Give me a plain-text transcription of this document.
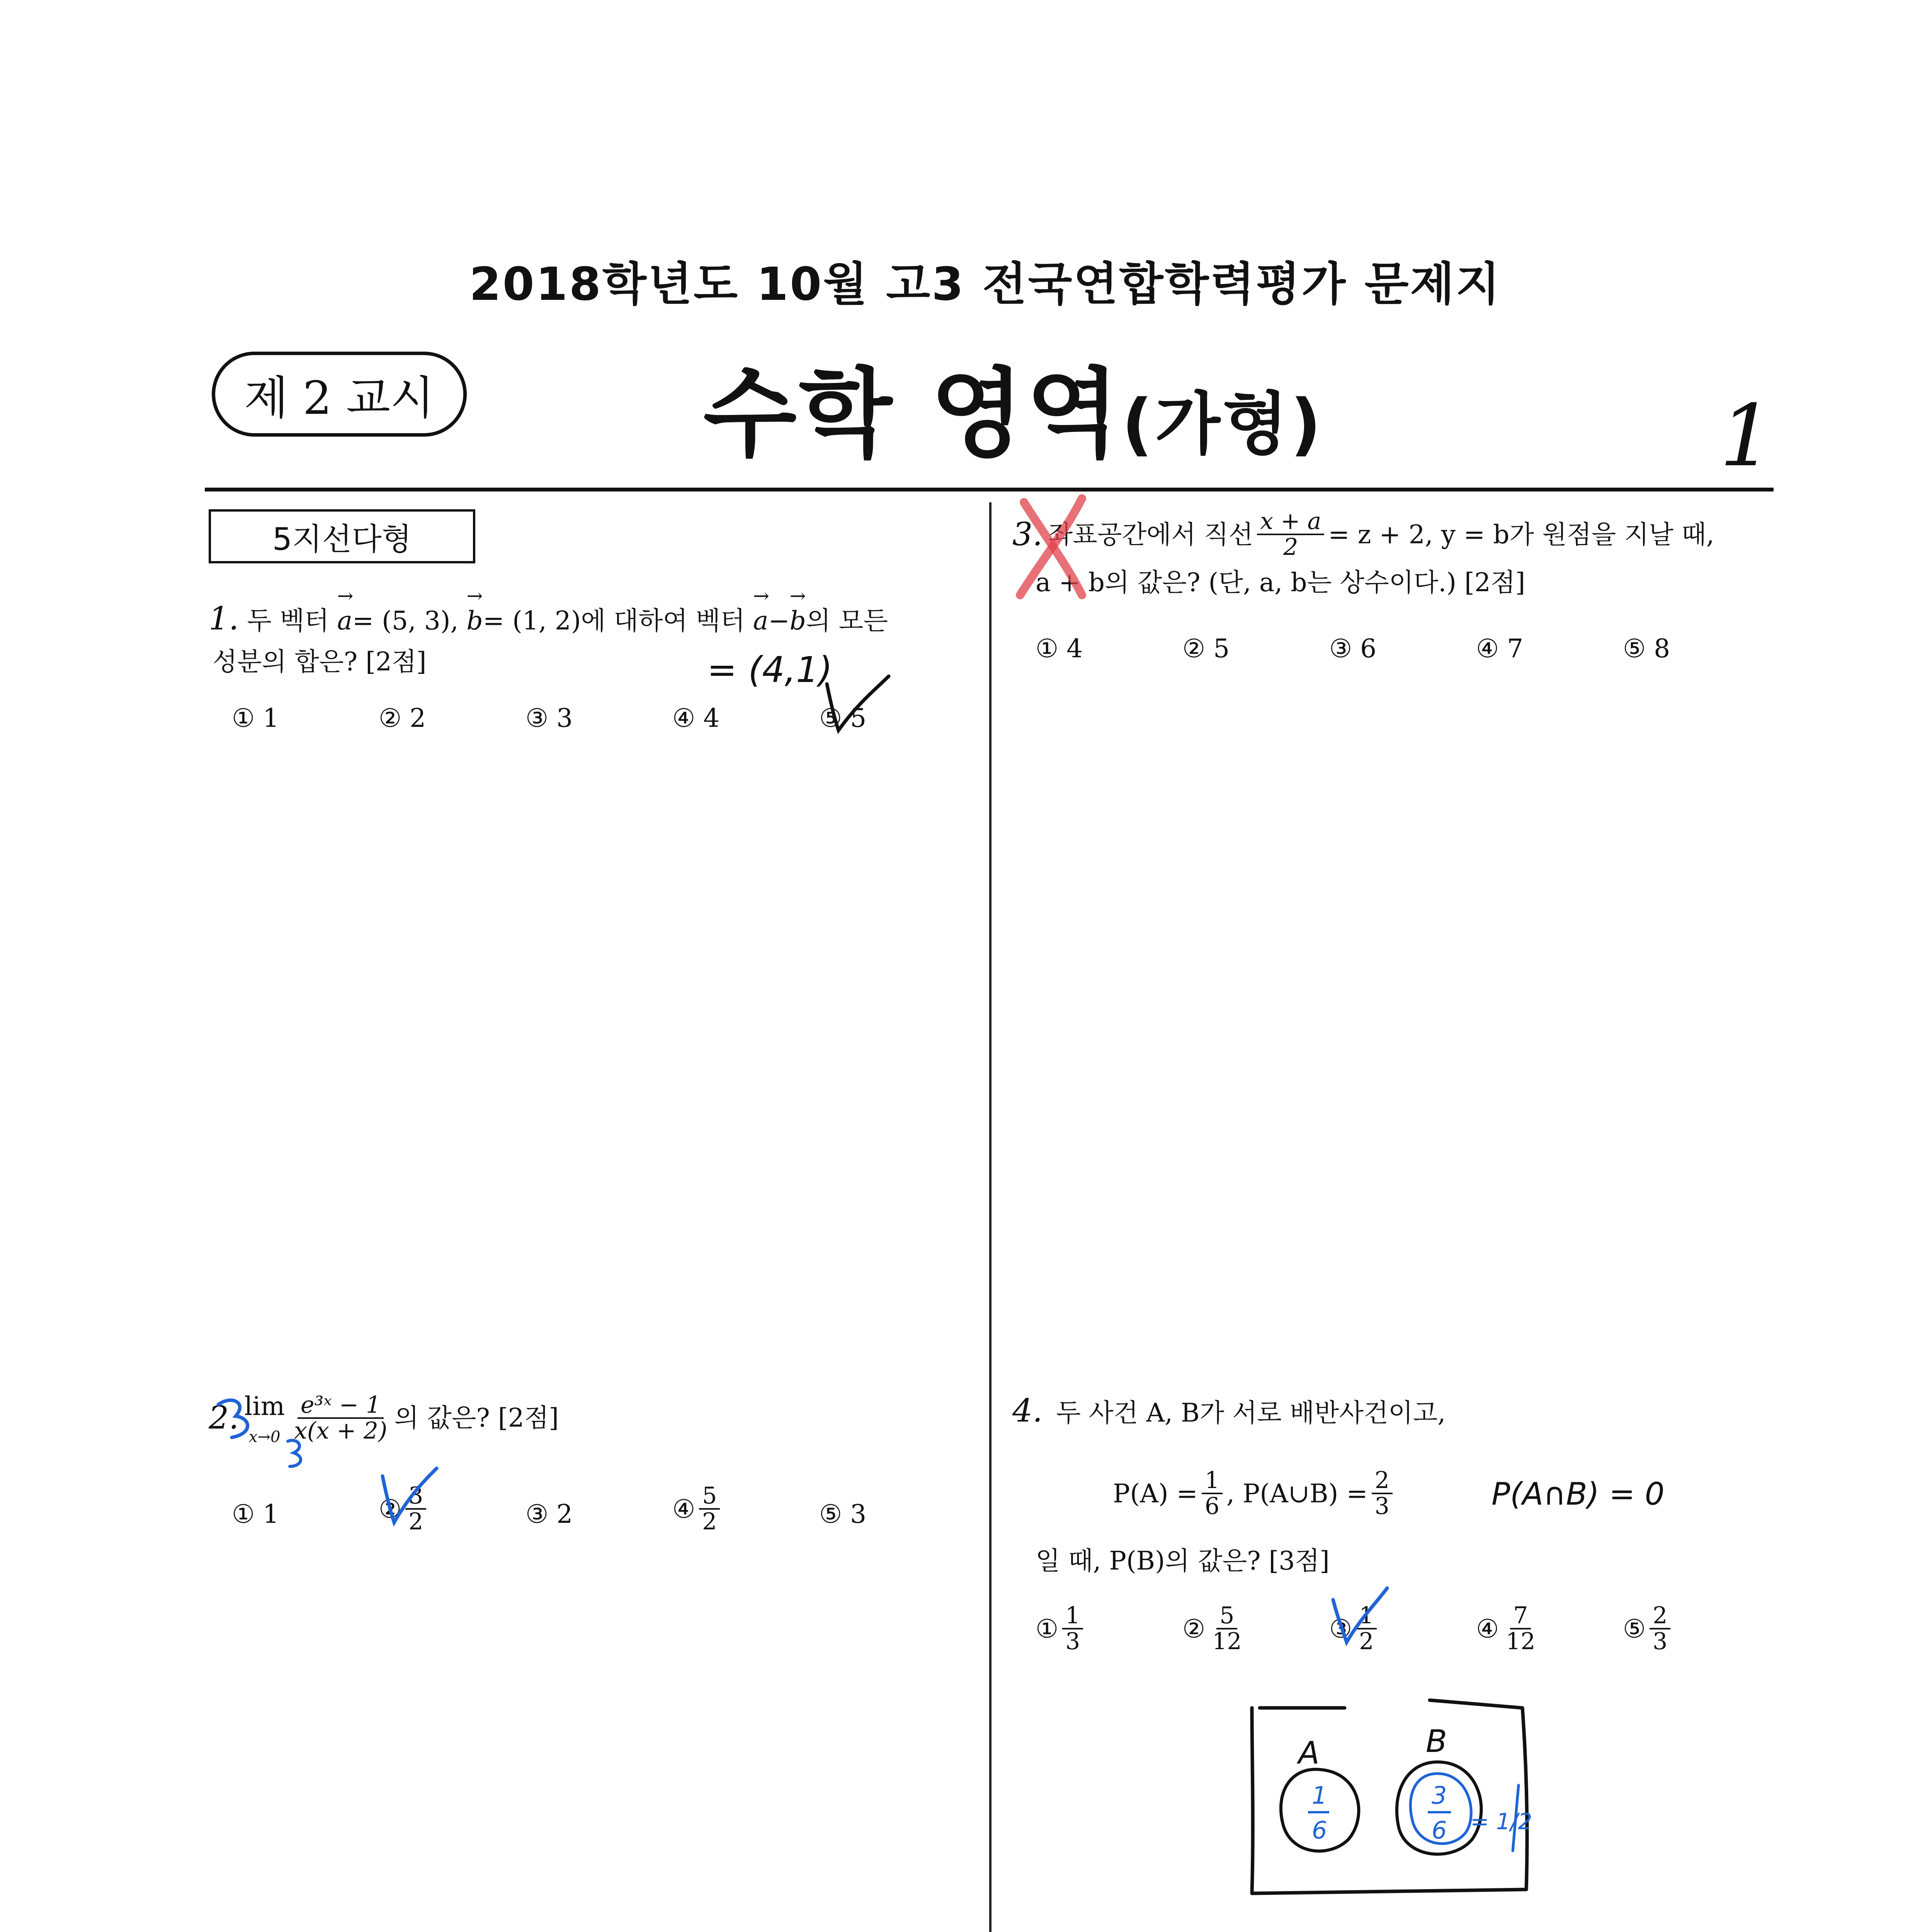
2018학년도 10월 고3 전국연합학력평가 문제지
제 2 교시	수학 영역(가형)	1
5지선다형
1. 두 벡터 → a= (5, 3), → b= (1, 2)에 대하여 벡터 → a−→ b의 모든
성분의 합은? [2점]
① 1	② 2	③ 3	④ 4	⑤ 5
2. lim
$x\to 0 \frac{\text{e³ˣ − 1}}{x(x + 2)}$ 의 값은? [2점]
① 1	② $\frac{3}{2}$	③ 2	④ $\frac{5}{2}$	⑤ 3
3. 좌표공간에서 직선 $\frac{x + a}{2} = z + 2$, y = b가 원점을 지날 때,
a + b의 값은? (단, a, b는 상수이다.) [2점]
① 4	② 5	③ 6	④ 7	⑤ 8
4. 두 사건 A, B가 서로 배반사건이고,
$P(A) = \frac{1}{6}$ , P(A∪B) = $\frac{2}{3}$
일 때, P(B)의 값은? [3점]
① $\frac{1}{3}$	② $\frac{5}{12}$	③ $\frac{1}{2}$	④ $\frac{7}{12}$	⑤ $\frac{2}{3}$
= (4,1)
P(A∩B) = 0
A	B
1
6
3
6 = 1/2
